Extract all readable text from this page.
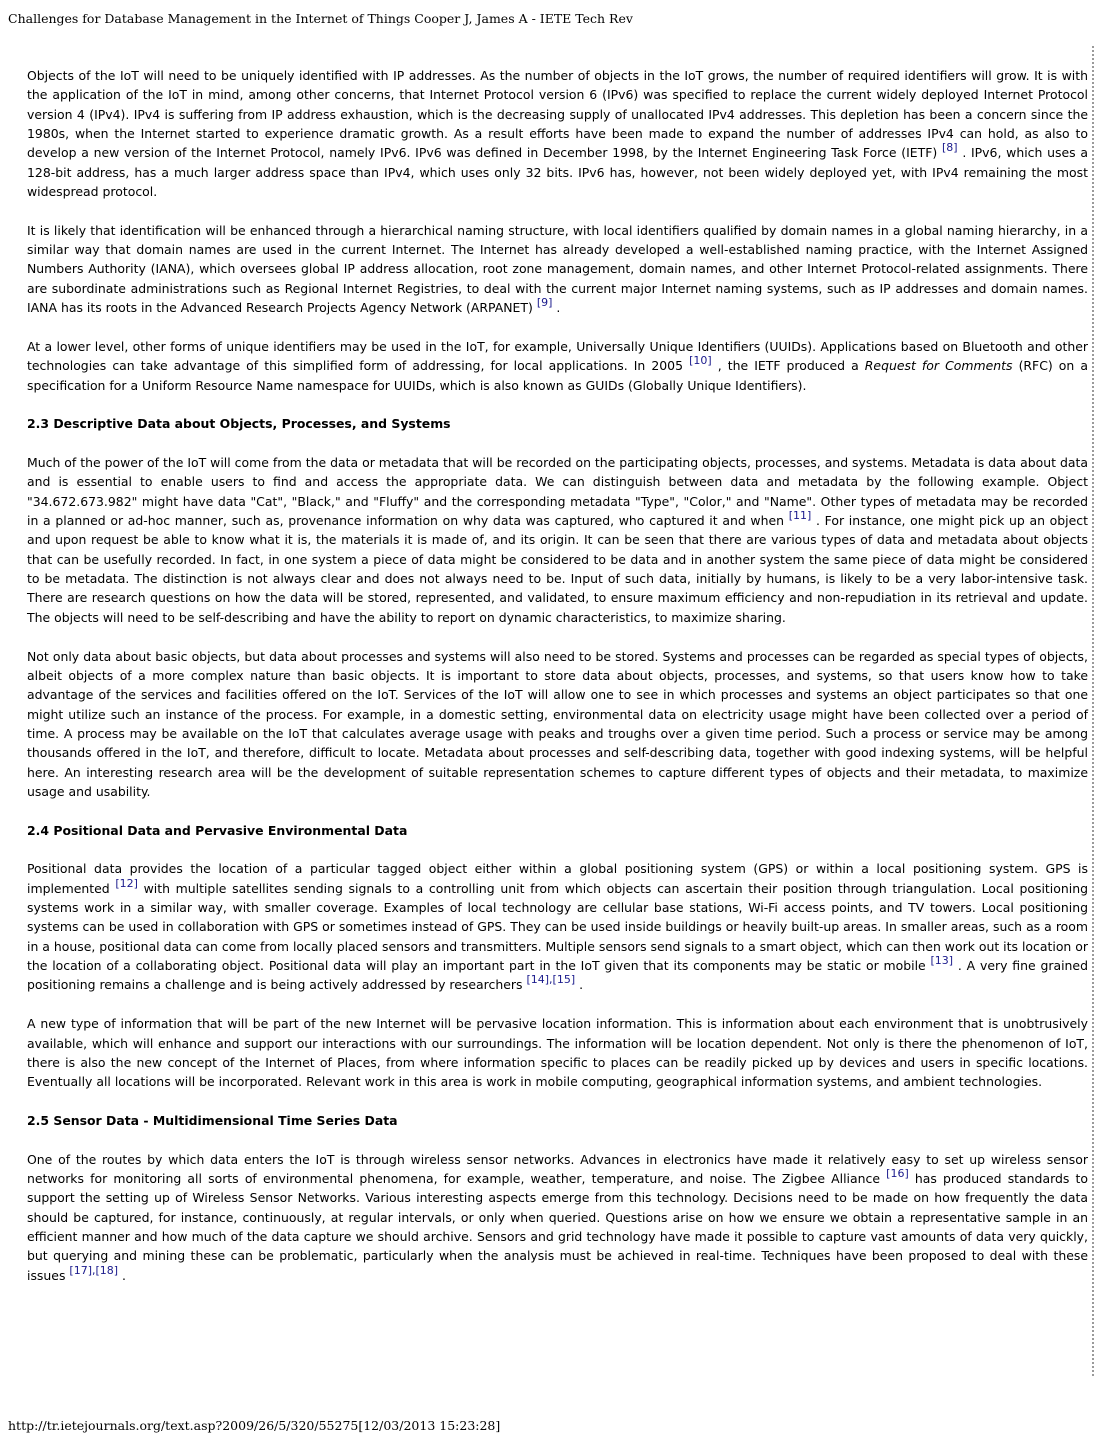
Challenges for Database Management in the Internet of Things Cooper J, James A - IETE Tech Rev

Objects of the IoT will need to be uniquely identified with IP addresses. As the number of objects in the IoT grows, the number of required identifiers will grow. It is with the application of the IoT in mind, among other concerns, that Internet Protocol version 6 (IPv6) was specified to replace the current widely deployed Internet Protocol version 4 (IPv4). IPv4 is suffering from IP address exhaustion, which is the decreasing supply of unallocated IPv4 addresses. This depletion has been a concern since the 1980s, when the Internet started to experience dramatic growth. As a result efforts have been made to expand the number of addresses IPv4 can hold, as also to develop a new version of the Internet Protocol, namely IPv6. IPv6 was defined in December 1998, by the Internet Engineering Task Force (IETF) [8] . IPv6, which uses a 128-bit address, has a much larger address space than IPv4, which uses only 32 bits. IPv6 has, however, not been widely deployed yet, with IPv4 remaining the most widespread protocol.

It is likely that identification will be enhanced through a hierarchical naming structure, with local identifiers qualified by domain names in a global naming hierarchy, in a similar way that domain names are used in the current Internet. The Internet has already developed a well-established naming practice, with the Internet Assigned Numbers Authority (IANA), which oversees global IP address allocation, root zone management, domain names, and other Internet Protocol-related assignments. There are subordinate administrations such as Regional Internet Registries, to deal with the current major Internet naming systems, such as IP addresses and domain names. IANA has its roots in the Advanced Research Projects Agency Network (ARPANET) [9] .

At a lower level, other forms of unique identifiers may be used in the IoT, for example, Universally Unique Identifiers (UUIDs). Applications based on Bluetooth and other technologies can take advantage of this simplified form of addressing, for local applications. In 2005 [10] , the IETF produced a Request for Comments (RFC) on a specification for a Uniform Resource Name namespace for UUIDs, which is also known as GUIDs (Globally Unique Identifiers).

2.3 Descriptive Data about Objects, Processes, and Systems

Much of the power of the IoT will come from the data or metadata that will be recorded on the participating objects, processes, and systems. Metadata is data about data and is essential to enable users to find and access the appropriate data. We can distinguish between data and metadata by the following example. Object "34.672.673.982" might have data "Cat", "Black," and "Fluffy" and the corresponding metadata "Type", "Color," and "Name". Other types of metadata may be recorded in a planned or ad-hoc manner, such as, provenance information on why data was captured, who captured it and when [11] . For instance, one might pick up an object and upon request be able to know what it is, the materials it is made of, and its origin. It can be seen that there are various types of data and metadata about objects that can be usefully recorded. In fact, in one system a piece of data might be considered to be data and in another system the same piece of data might be considered to be metadata. The distinction is not always clear and does not always need to be. Input of such data, initially by humans, is likely to be a very labor-intensive task. There are research questions on how the data will be stored, represented, and validated, to ensure maximum efficiency and non-repudiation in its retrieval and update. The objects will need to be self-describing and have the ability to report on dynamic characteristics, to maximize sharing.

Not only data about basic objects, but data about processes and systems will also need to be stored. Systems and processes can be regarded as special types of objects, albeit objects of a more complex nature than basic objects. It is important to store data about objects, processes, and systems, so that users know how to take advantage of the services and facilities offered on the IoT. Services of the IoT will allow one to see in which processes and systems an object participates so that one might utilize such an instance of the process. For example, in a domestic setting, environmental data on electricity usage might have been collected over a period of time. A process may be available on the IoT that calculates average usage with peaks and troughs over a given time period. Such a process or service may be among thousands offered in the IoT, and therefore, difficult to locate. Metadata about processes and self-describing data, together with good indexing systems, will be helpful here. An interesting research area will be the development of suitable representation schemes to capture different types of objects and their metadata, to maximize usage and usability.

2.4 Positional Data and Pervasive Environmental Data

Positional data provides the location of a particular tagged object either within a global positioning system (GPS) or within a local positioning system. GPS is implemented [12] with multiple satellites sending signals to a controlling unit from which objects can ascertain their position through triangulation. Local positioning systems work in a similar way, with smaller coverage. Examples of local technology are cellular base stations, Wi-Fi access points, and TV towers. Local positioning systems can be used in collaboration with GPS or sometimes instead of GPS. They can be used inside buildings or heavily built-up areas. In smaller areas, such as a room in a house, positional data can come from locally placed sensors and transmitters. Multiple sensors send signals to a smart object, which can then work out its location or the location of a collaborating object. Positional data will play an important part in the IoT given that its components may be static or mobile [13] . A very fine grained positioning remains a challenge and is being actively addressed by researchers [14],[15] .

A new type of information that will be part of the new Internet will be pervasive location information. This is information about each environment that is unobtrusively available, which will enhance and support our interactions with our surroundings. The information will be location dependent. Not only is there the phenomenon of IoT, there is also the new concept of the Internet of Places, from where information specific to places can be readily picked up by devices and users in specific locations. Eventually all locations will be incorporated. Relevant work in this area is work in mobile computing, geographical information systems, and ambient technologies.

2.5 Sensor Data - Multidimensional Time Series Data

One of the routes by which data enters the IoT is through wireless sensor networks. Advances in electronics have made it relatively easy to set up wireless sensor networks for monitoring all sorts of environmental phenomena, for example, weather, temperature, and noise. The Zigbee Alliance [16] has produced standards to support the setting up of Wireless Sensor Networks. Various interesting aspects emerge from this technology. Decisions need to be made on how frequently the data should be captured, for instance, continuously, at regular intervals, or only when queried. Questions arise on how we ensure we obtain a representative sample in an efficient manner and how much of the data capture we should archive. Sensors and grid technology have made it possible to capture vast amounts of data very quickly, but querying and mining these can be problematic, particularly when the analysis must be achieved in real-time. Techniques have been proposed to deal with these issues [17],[18] .

http://tr.ietejournals.org/text.asp?2009/26/5/320/55275[12/03/2013 15:23:28]
